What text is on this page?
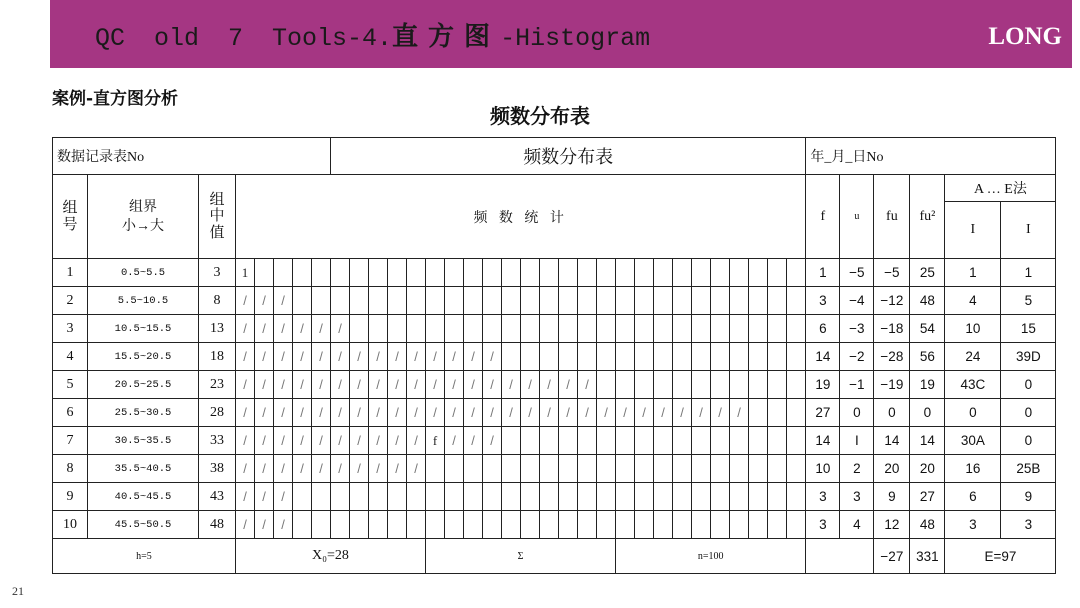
QC old 7 Tools-4.直方图-Histogram	LONG
案例-直方图分析
频数分布表
数据记录表No								频数分布表																									年_月_日No					

组号	组界
小→大	组中值	频 数 统 计																														f	u	fu	fu²	A … E法	
																																					I	I
1	0.5~5.5	3	1																														1	−5	−5	25	1	1
2	5.5~10.5	8	/	/	/																												3	−4	−12	48	4	5
3	10.5~15.5	13	/	/	/	/	/	/																									6	−3	−18	54	10	15
4	15.5~20.5	18	/	/	/	/	/	/	/	/	/	/	/	/	/	/																	14	−2	−28	56	24	39D
5	20.5~25.5	23	/	/	/	/	/	/	/	/	/	/	/	/	/	/	/	/	/	/	/												19	−1	−19	19	43C	0
6	25.5~30.5	28	/	/	/	/	/	/	/	/	/	/	/	/	/	/	/	/	/	/	/	/	/	/	/	/	/	/	/				27	0	0	0	0	0
7	30.5~35.5	33	/	/	/	/	/	/	/	/	/	/	f	/	/	/																	14	I	14	14	30A	0
8	35.5~40.5	38	/	/	/	/	/	/	/	/	/	/																					10	2	20	20	16	25B
9	40.5~45.5	43	/	/	/																												3	3	9	27	6	9
10	45.5~50.5	48	/	/	/																												3	4	12	48	3	3
h=5			X₀=28										Σ										n=100												−27	331	E=97	
21
